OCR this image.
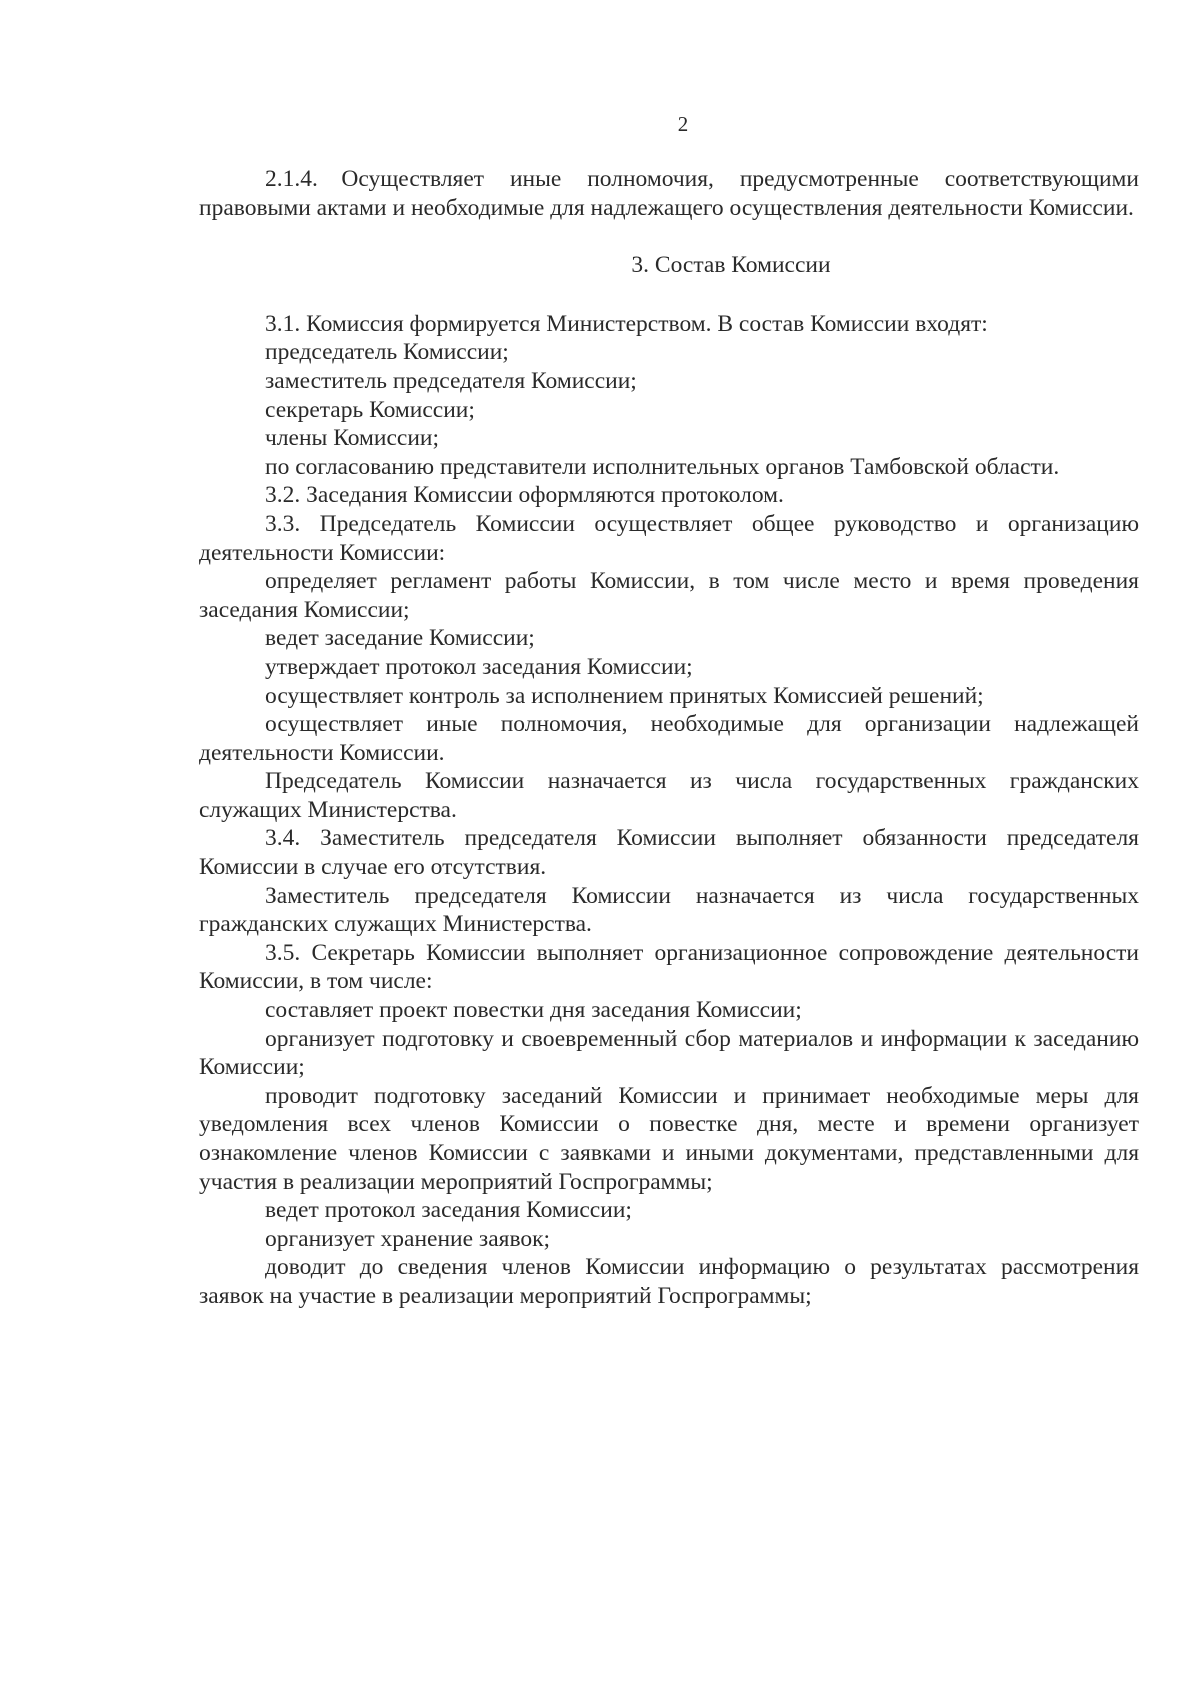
2

2.1.4. Осуществляет иные полномочия, предусмотренные соответствующими правовыми актами и необходимые для надлежащего осуществления деятельности Комиссии.

3. Состав Комиссии

3.1. Комиссия формируется Министерством. В состав Комиссии входят:

председатель Комиссии;

заместитель председателя Комиссии;

секретарь Комиссии;

члены Комиссии;

по согласованию представители исполнительных органов Тамбовской области.

3.2. Заседания Комиссии оформляются протоколом.

3.3. Председатель Комиссии осуществляет общее руководство и организацию деятельности Комиссии:

определяет регламент работы Комиссии, в том числе место и время проведения заседания Комиссии;

ведет заседание Комиссии;

утверждает протокол заседания Комиссии;

осуществляет контроль за исполнением принятых Комиссией решений;

осуществляет иные полномочия, необходимые для организации надлежащей деятельности Комиссии.

Председатель Комиссии назначается из числа государственных гражданских служащих Министерства.

3.4. Заместитель председателя Комиссии выполняет обязанности председателя Комиссии в случае его отсутствия.

Заместитель председателя Комиссии назначается из числа государственных гражданских служащих Министерства.

3.5. Секретарь Комиссии выполняет организационное сопровождение деятельности Комиссии, в том числе:

составляет проект повестки дня заседания Комиссии;

организует подготовку и своевременный сбор материалов и информации к заседанию Комиссии;

проводит подготовку заседаний Комиссии и принимает необходимые меры для уведомления всех членов Комиссии о повестке дня, месте и времени организует ознакомление членов Комиссии с заявками и иными документами, представленными для участия в реализации мероприятий Госпрограммы;

ведет протокол заседания Комиссии;

организует хранение заявок;

доводит до сведения членов Комиссии информацию о результатах рассмотрения заявок на участие в реализации мероприятий Госпрограммы;
